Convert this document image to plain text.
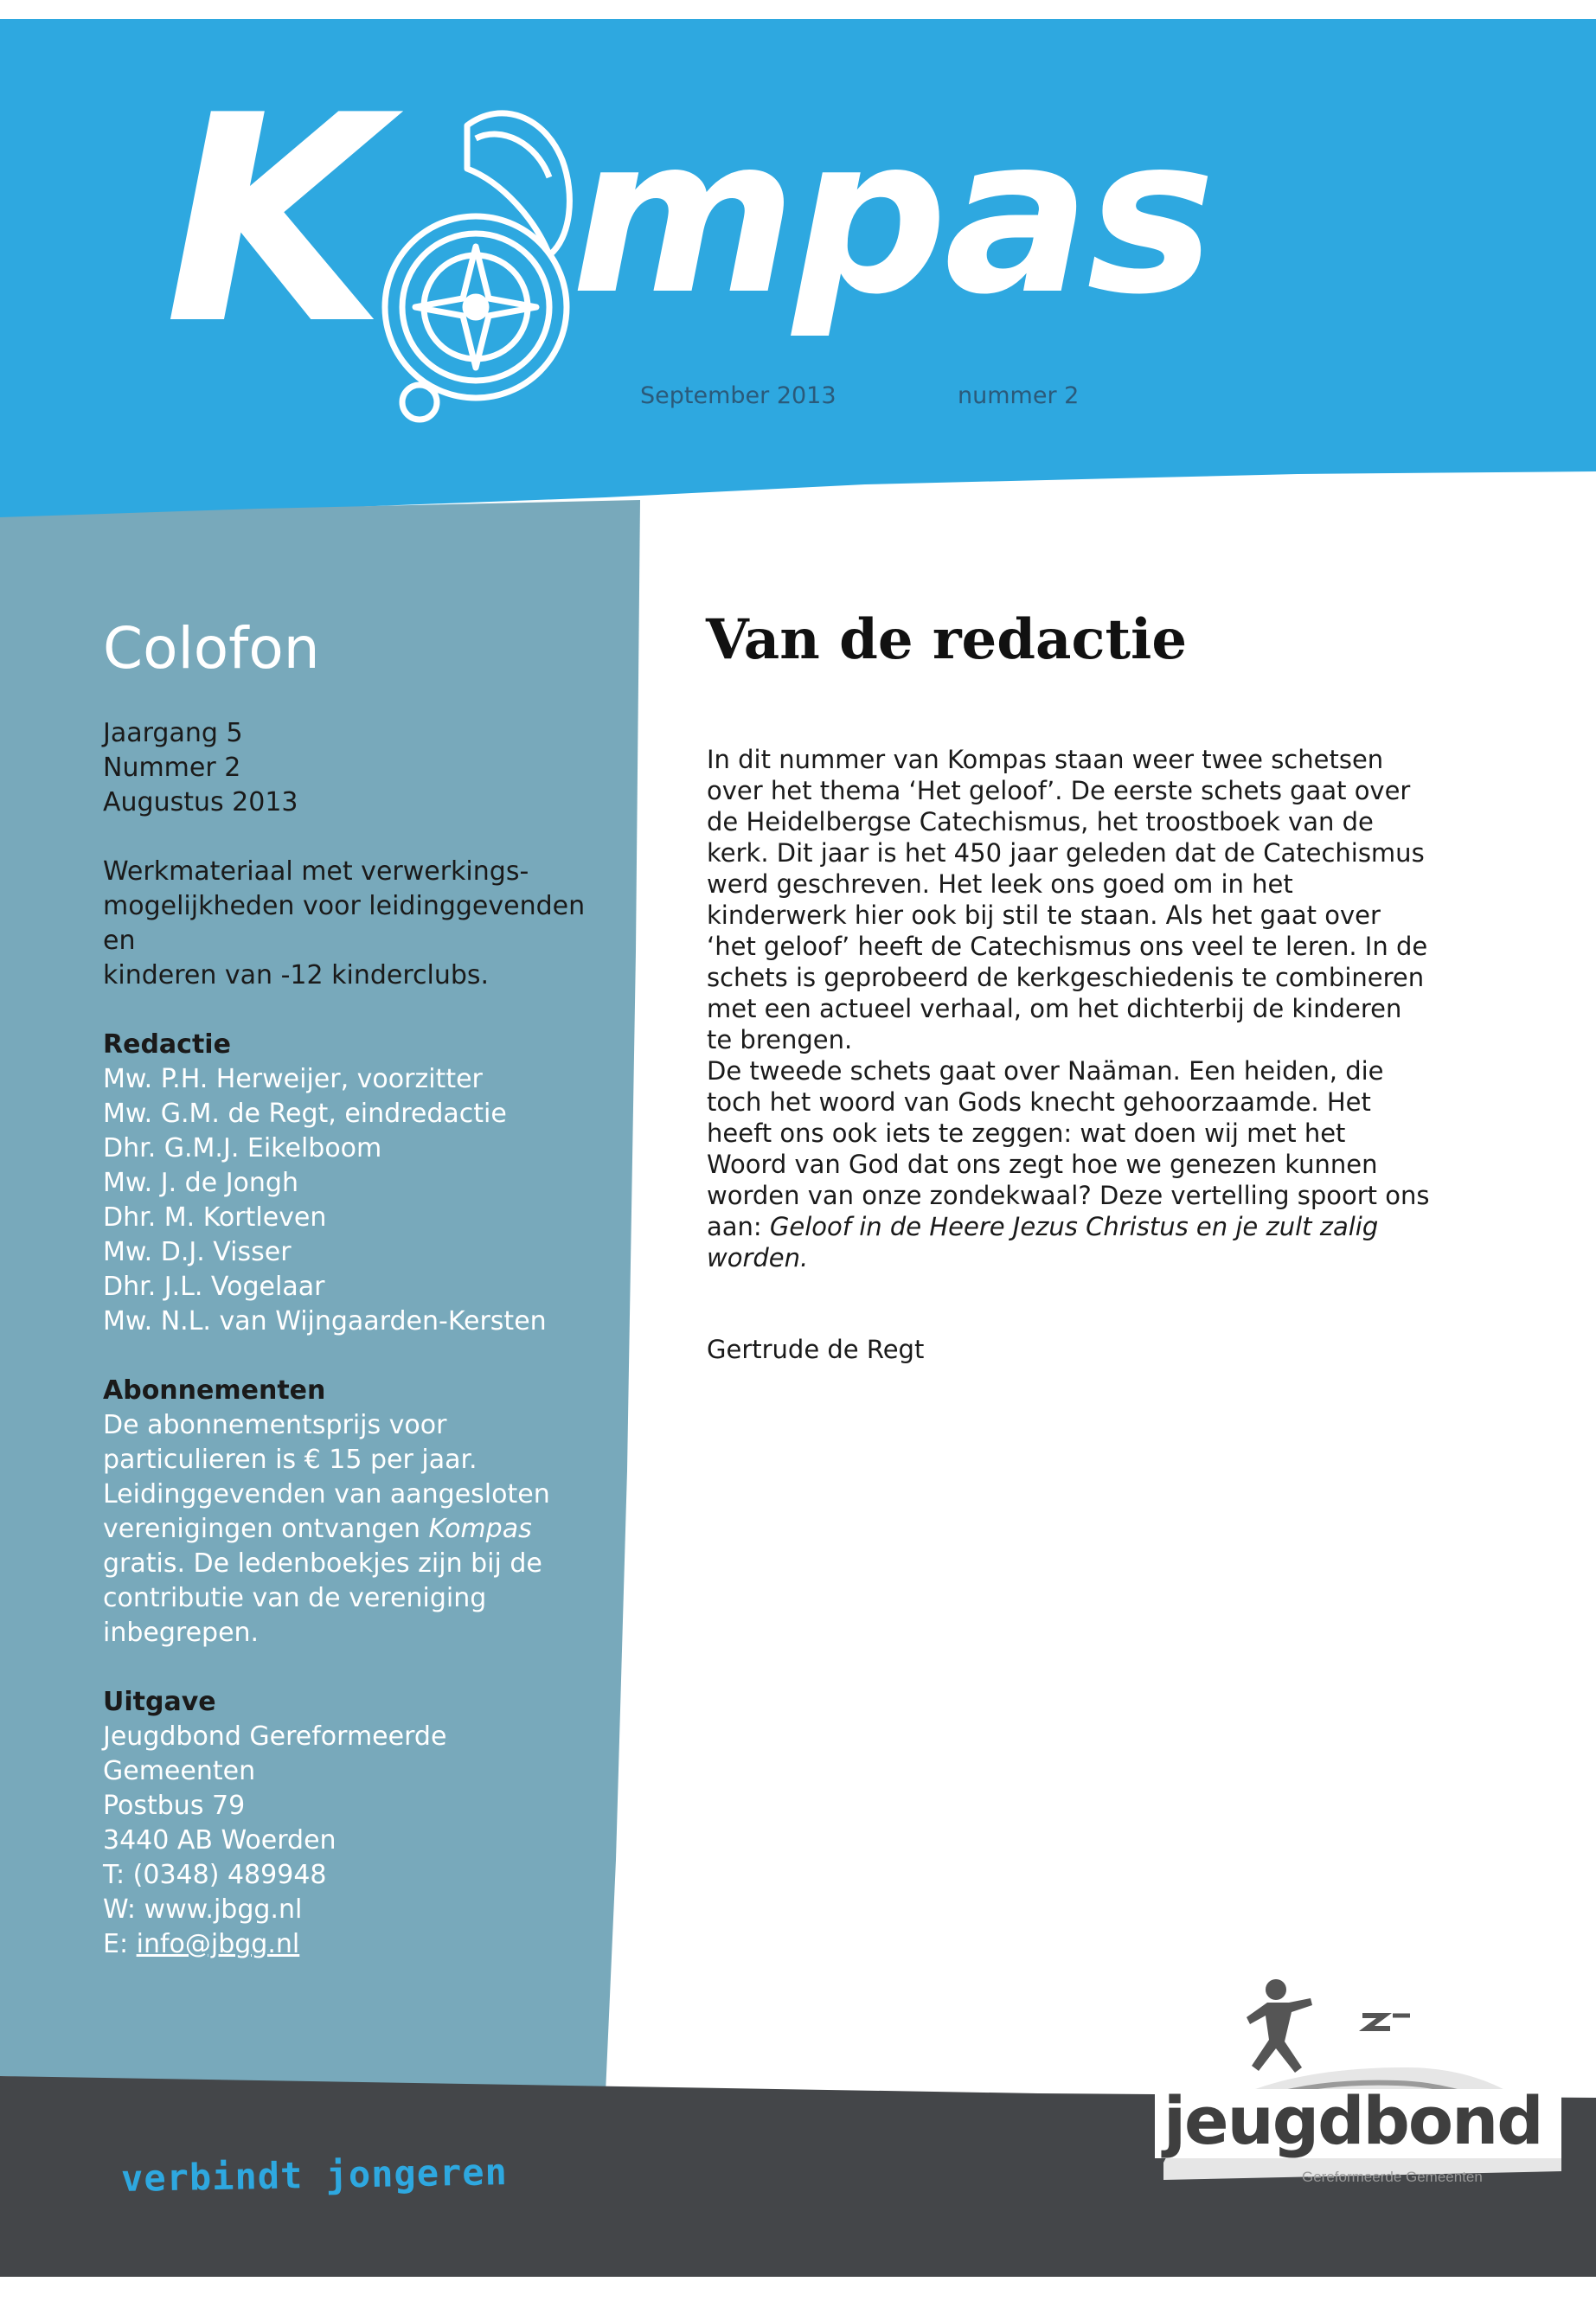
K mpas
September 2013	nummer 2
Colofon
Jaargang 5
Nummer 2
Augustus 2013
Werkmateriaal met verwerkings-
mogelijkheden voor leidinggevenden en
kinderen van -12 kinderclubs.
Redactie
Mw. P.H. Herweijer, voorzitter
Mw. G.M. de Regt, eindredactie
Dhr. G.M.J. Eikelboom
Mw. J. de Jongh
Dhr. M. Kortleven
Mw. D.J. Visser
Dhr. J.L. Vogelaar
Mw. N.L. van Wijngaarden-Kersten
Abonnementen
De abonnementsprijs voor
particulieren is € 15 per jaar.
Leidinggevenden van aangesloten
verenigingen ontvangen Kompas
gratis. De ledenboekjes zijn bij de
contributie van de vereniging
inbegrepen.
Uitgave
Jeugdbond Gereformeerde
Gemeenten
Postbus 79
3440 AB Woerden
T: (0348) 489948
W: www.jbgg.nl
E: info@jbgg.nl
Van de redactie

In dit nummer van Kompas staan weer twee schetsen

over het thema ‘Het geloof’. De eerste schets gaat over

de Heidelbergse Catechismus, het troostboek van de

kerk. Dit jaar is het 450 jaar geleden dat de Catechismus

werd geschreven. Het leek ons goed om in het

kinderwerk hier ook bij stil te staan. Als het gaat over

‘het geloof’ heeft de Catechismus ons veel te leren. In de

schets is geprobeerd de kerkgeschiedenis te combineren

met een actueel verhaal, om het dichterbij de kinderen

te brengen.

De tweede schets gaat over Naäman. Een heiden, die

toch het woord van Gods knecht gehoorzaamde. Het

heeft ons ook iets te zeggen: wat doen wij met het

Woord van God dat ons zegt hoe we genezen kunnen

worden van onze zondekwaal? Deze vertelling spoort ons

aan: Geloof in de Heere Jezus Christus en je zult zalig

worden.

Gertrude de Regt

verbindt jongeren
jeugdbond
Gereformeerde Gemeenten
